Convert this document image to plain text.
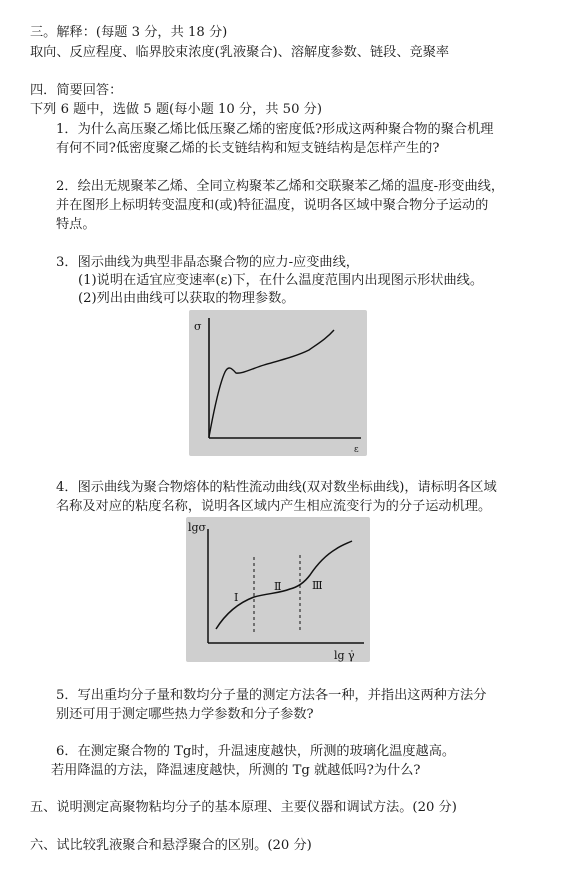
三。解释：(每题 3 分，共 18 分)
取向、反应程度、临界胶束浓度(乳液聚合)、溶解度参数、链段、竞聚率
四．简要回答：
下列 6 题中，选做 5 题(每小题 10 分，共 50 分)
1．为什么高压聚乙烯比低压聚乙烯的密度低?形成这两种聚合物的聚合机理
有何不同?低密度聚乙烯的长支链结构和短支链结构是怎样产生的?
2．绘出无规聚苯乙烯、全同立构聚苯乙烯和交联聚苯乙烯的温度-形变曲线，
并在图形上标明转变温度和(或)特征温度，说明各区域中聚合物分子运动的
特点。
3．图示曲线为典型非晶态聚合物的应力-应变曲线，
(1)说明在适宜应变速率(ε)下，在什么温度范围内出现图示形状曲线。
(2)列出由曲线可以获取的物理参数。
σ
ε
4．图示曲线为聚合物熔体的粘性流动曲线(双对数坐标曲线)，请标明各区域
名称及对应的粘度名称，说明各区域内产生相应流变行为的分子运动机理。
lgσ
lg γ̇
Ⅰ
Ⅱ	Ⅲ
5．写出重均分子量和数均分子量的测定方法各一种，并指出这两种方法分
别还可用于测定哪些热力学参数和分子参数?
6．在测定聚合物的 Tg时，升温速度越快，所测的玻璃化温度越高。
若用降温的方法，降温速度越快，所测的 Tg 就越低吗?为什么?
五、说明测定高聚物粘均分子的基本原理、主要仪器和调试方法。(20 分)
六、试比较乳液聚合和悬浮聚合的区别。(20 分)
